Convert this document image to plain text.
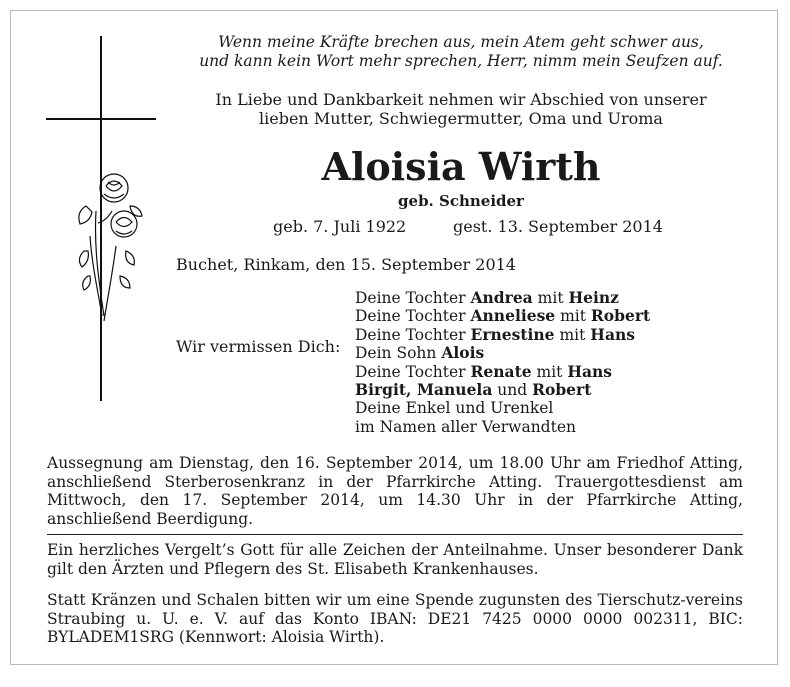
Wenn meine Kräfte brechen aus, mein Atem geht schwer aus,
und kann kein Wort mehr sprechen, Herr, nimm mein Seufzen auf.
In Liebe und Dankbarkeit nehmen wir Abschied von unserer
lieben Mutter, Schwiegermutter, Oma und Uroma
Aloisia Wirth
geb. Schneider
geb. 7. Juli 1922	gest. 13. September 2014
Buchet, Rinkam, den 15. September 2014
Wir vermissen Dich:
Deine Tochter Andrea mit Heinz
Deine Tochter Anneliese mit Robert
Deine Tochter Ernestine mit Hans
Dein Sohn Alois
Deine Tochter Renate mit Hans
Birgit, Manuela und Robert
Deine Enkel und Urenkel
im Namen aller Verwandten
Aussegnung am Dienstag, den 16. September 2014, um 18.00 Uhr am Friedhof Atting, anschließend Sterberosenkranz in der Pfarrkirche Atting. Trauergottesdienst am Mittwoch, den 17. September 2014, um 14.30 Uhr in der Pfarrkirche Atting, anschließend Beerdigung.
Ein herzliches Vergelt’s Gott für alle Zeichen der Anteilnahme. Unser besonderer Dank gilt den Ärzten und Pflegern des St. Elisabeth Krankenhauses.
Statt Kränzen und Schalen bitten wir um eine Spende zugunsten des Tierschutz-vereins Straubing u. U. e. V. auf das Konto IBAN: DE21 7425 0000 0000 002311, BIC: BYLADEM1SRG (Kennwort: Aloisia Wirth).
